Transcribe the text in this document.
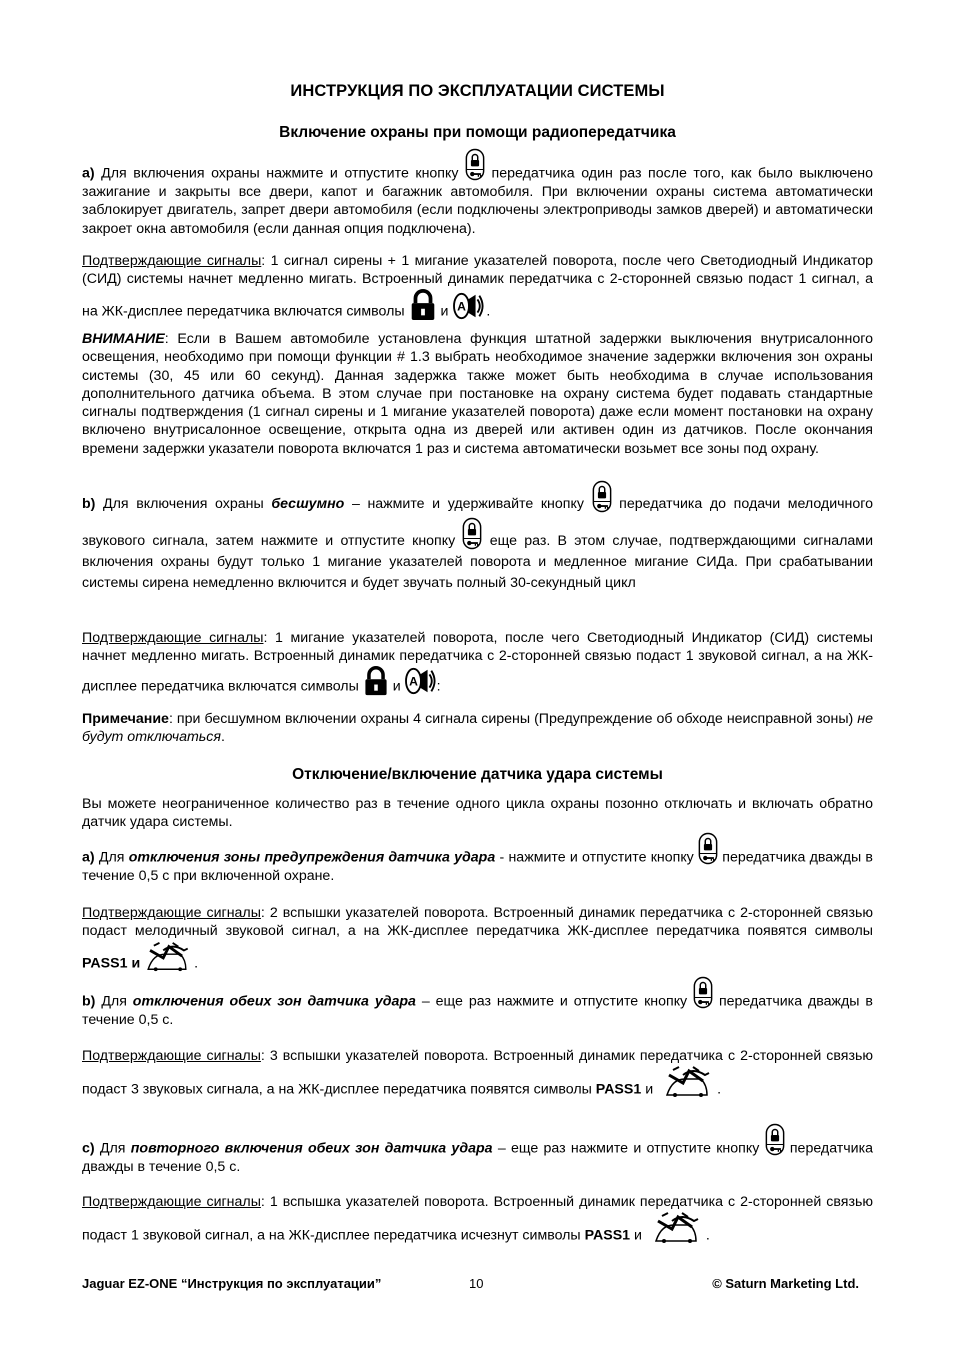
ИНСТРУКЦИЯ ПО ЭКСПЛУАТАЦИИ СИСТЕМЫ
Включение охраны при помощи радиопередатчика

a) Для включения охраны нажмите и отпустите кнопку передатчика один раз после того, как было выключено зажигание и закрыты все двери, капот и багажник автомобиля. При включении охраны система автоматически заблокирует двигатель, запрет двери автомобиля (если подключены электроприводы замков дверей) и автоматически закроет окна автомобиля (если данная опция подключена).

Подтверждающие сигналы: 1 сигнал сирены + 1 мигание указателей поворота, после чего Светодиодный Индикатор (СИД) системы начнет медленно мигать. Встроенный динамик передатчика с 2-сторонней связью подаст 1 сигнал, а на ЖК-дисплее передатчика включатся символы	и	.

ВНИМАНИЕ: Если в Вашем автомобиле установлена функция штатной задержки выключения внутрисалонного освещения, необходимо при помощи функции # 1.3 выбрать необходимое значение задержки включения зон охраны системы (30, 45 или 60 секунд). Данная задержка также может быть необходима в случае использования дополнительного датчика объема. В этом случае при постановке на охрану система будет подавать стандартные сигналы подтверждения (1 сигнал сирены и 1 мигание указателей поворота) даже если момент постановки на охрану включено внутрисалонное освещение, открыта одна из дверей или активен один из датчиков. После окончания времени задержки указатели поворота включатся 1 раз и система автоматически возьмет все зоны под охрану.

b) Для включения охраны бесшумно – нажмите и удерживайте кнопку передатчика до подачи мелодичного звукового сигнала, затем нажмите и отпустите кнопку еще раз. В этом случае, подтверждающими сигналами включения охраны будут только 1 мигание указателей поворота и медленное мигание СИДа. При срабатывании системы сирена немедленно включится и будет звучать полный 30-секундный цикл

Подтверждающие сигналы: 1 мигание указателей поворота, после чего Светодиодный Индикатор (СИД) системы начнет медленно мигать. Встроенный динамик передатчика с 2-сторонней связью подаст 1 звуковой сигнал, а на ЖК-дисплее передатчика включатся символы и	:

Примечание: при бесшумном включении охраны 4 сигнала сирены (Предупреждение об обходе неисправной зоны) не будут отключаться.

Отключение/включение датчика удара системы

Вы можете неограниченное количество раз в течение одного цикла охраны позонно отключать и включать обратно датчик удара системы.

a) Для отключения зоны предупреждения датчика удара - нажмите и отпустите кнопку передатчика дважды в течение 0,5 с при включенной охране.

Подтверждающие сигналы: 2 вспышки указателей поворота. Встроенный динамик передатчика с 2-сторонней связью подаст мелодичный звуковой сигнал, а на ЖК-дисплее передатчика ЖК-дисплее передатчика появятся символы PASS1 и	.

b) Для отключения обеих зон датчика удара – еще раз нажмите и отпустите кнопку передатчика дважды в течение 0,5 с.

Подтверждающие сигналы: 3 вспышки указателей поворота. Встроенный динамик передатчика с 2-сторонней связью подаст 3 звуковых сигнала, а на ЖК-дисплее передатчика появятся символы PASS1 и	.

c) Для повторного включения обеих зон датчика удара – еще раз нажмите и отпустите кнопку передатчика дважды в течение 0,5 с.

Подтверждающие сигналы: 1 вспышка указателей поворота. Встроенный динамик передатчика с 2-сторонней связью подаст 1 звуковой сигнал, а на ЖК-дисплее передатчика исчезнут символы PASS1 и	.

Jaguar EZ-ONE “Инструкция по эксплуатации”	10	© Saturn Marketing Ltd.
